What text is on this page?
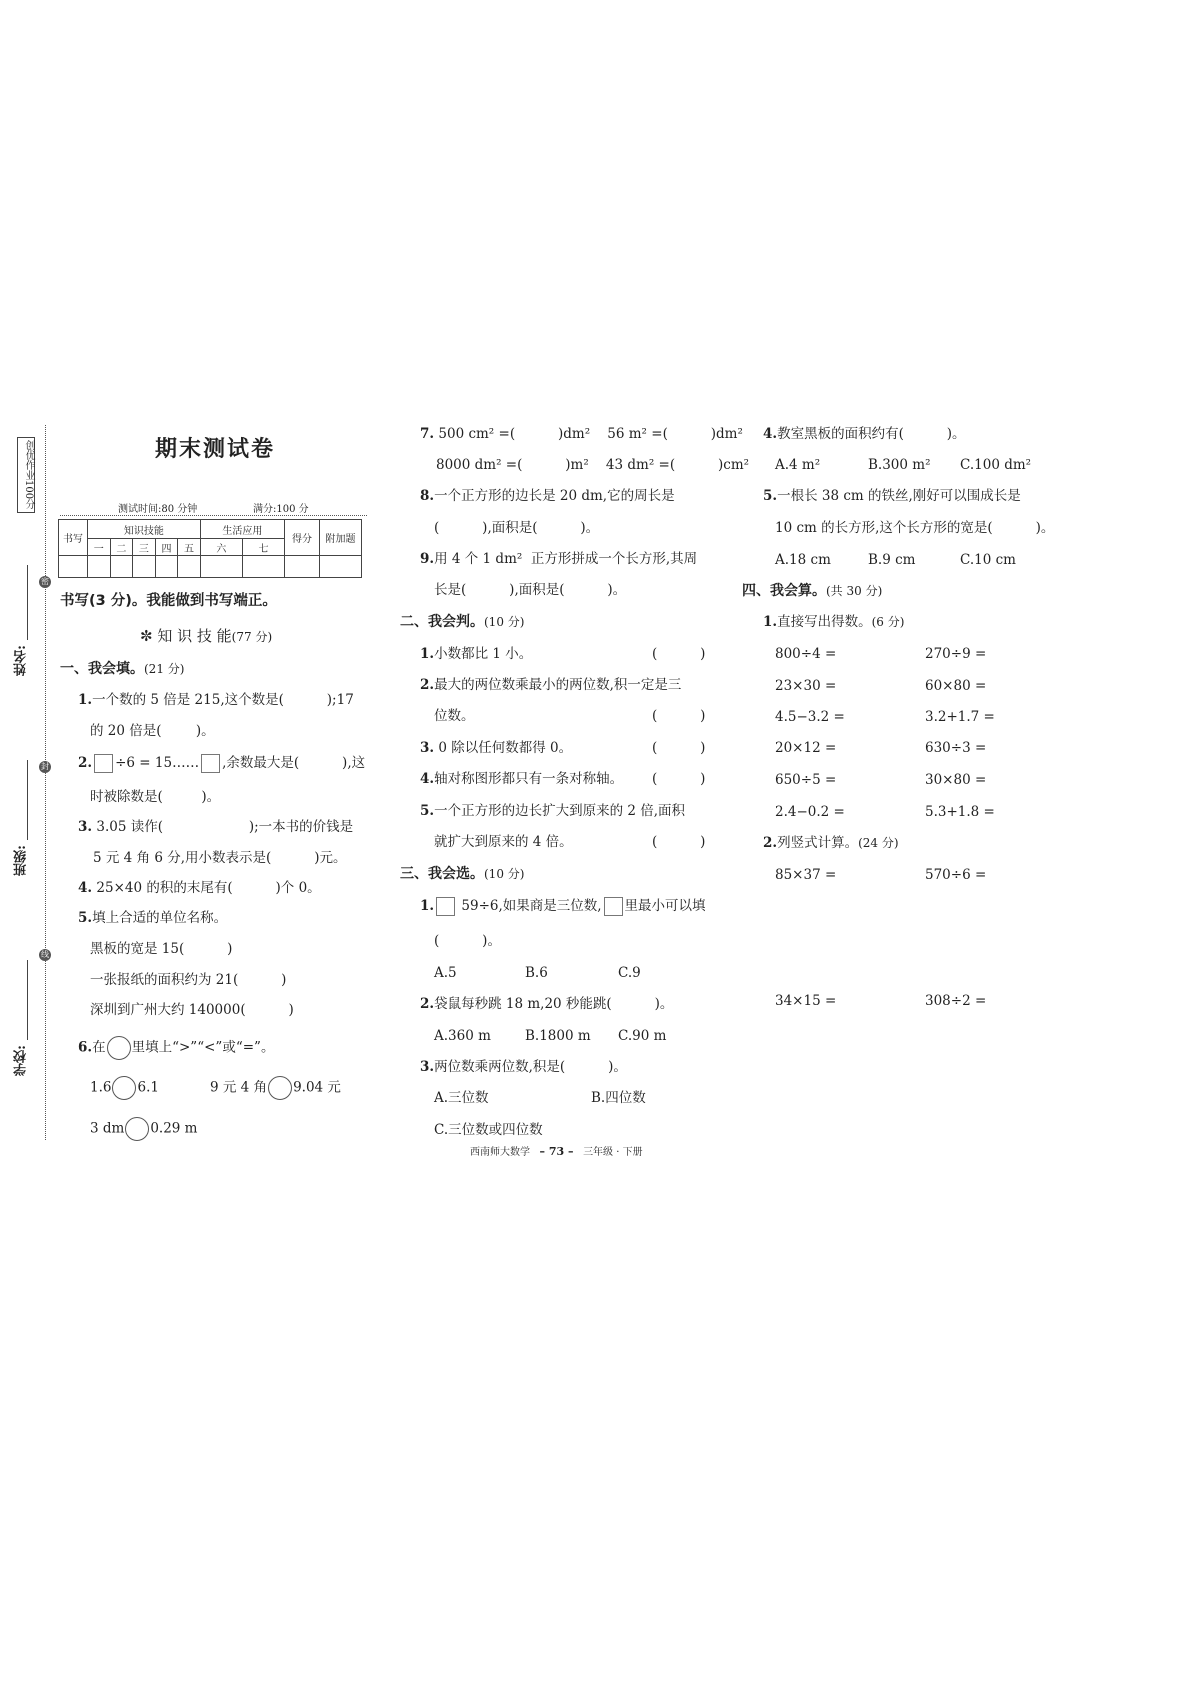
创优作业100分
姓名:
班级:
学校:
密
封
线
期末测试卷
测试时间:80 分钟	满分:100 分
书写	知识技能					生活应用		得分	附加题
	一	二	三	四	五	六	七		

书写(3 分)。我能做到书写端正。
✼ 知 识 技 能(77 分)
一、我会填。(21 分)
1.一个数的 5 倍是 215,这个数是(          );17
的 20 倍是(        )。
2. ÷6 = 15…… ,余数最大是(          ),这
时被除数是(         )。
3. 3.05 读作(                    );一本书的价钱是
5 元 4 角 6 分,用小数表示是(          )元。
4. 25×40 的积的末尾有(          )个 0。
5.填上合适的单位名称。
黑板的宽是 15(          )
一张报纸的面积约为 21(          )
深圳到广州大约 140000(          )
6.在 里填上“>”“<”或“=”。
1.6 6.1	9 元 4 角 9.04 元
3 dm 0.29 m
7. 500 cm² =(          )dm²    56 m² =(          )dm²
8000 dm² =(          )m²    43 dm² =(          )cm²
8.一个正方形的边长是 20 dm,它的周长是
(          ),面积是(          )。
9.用 4 个 1 dm²  正方形拼成一个长方形,其周
长是(          ),面积是(          )。
二、我会判。(10 分)
1.小数都比 1 小。
2.最大的两位数乘最小的两位数,积一定是三
位数。
3. 0 除以任何数都得 0。
4.轴对称图形都只有一条对称轴。
5.一个正方形的边长扩大到原来的 2 倍,面积
就扩大到原来的 4 倍。
(          )
(          )
(          )
(          )
(          )
三、我会选。(10 分)
1. 59÷6,如果商是三位数, 里最小可以填
(          )。
A.5	B.6	C.9
2.袋鼠每秒跳 18 m,20 秒能跳(          )。
A.360 m	B.1800 m C.90 m
3.两位数乘两位数,积是(          )。
A.三位数	B.四位数
C.三位数或四位数
西南师大数学 – 73 – 三年级 · 下册
4.教室黑板的面积约有(          )。
A.4 m²	B.300 m² C.100 dm²
5.一根长 38 cm 的铁丝,刚好可以围成长是
10 cm 的长方形,这个长方形的宽是(          )。
A.18 cm	B.9 cm	C.10 cm
四、我会算。(共 30 分)
1.直接写出得数。(6 分)
800÷4 =	270÷9 =
23×30 =	60×80 =
4.5−3.2 =	3.2+1.7 =
20×12 =	630÷3 =
650÷5 =	30×80 =
2.4−0.2 =	5.3+1.8 =
2.列竖式计算。(24 分)
85×37 =	570÷6 =
34×15 =	308÷2 =
